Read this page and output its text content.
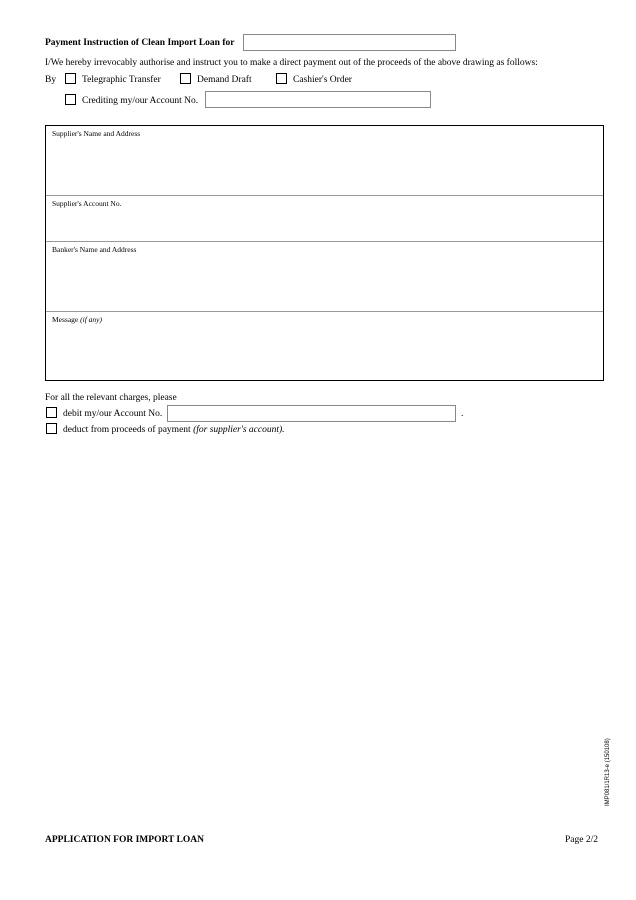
Payment Instruction of Clean Import Loan for
I/We hereby irrevocably authorise and instruct you to make a direct payment out of the proceeds of the above drawing as follows:
By	Telegraphic Transfer	Demand Draft	Cashier's Order
Crediting my/our Account No.
Supplier's Name and Address
Supplier's Account No.
Banker's Name and Address
Message (if any)
For all the relevant charges, please
debit my/our Account No.	.
deduct from proceeds of payment (for supplier's account).
IMP081/1R13-e (150108)
APPLICATION FOR IMPORT LOAN	Page 2/2
